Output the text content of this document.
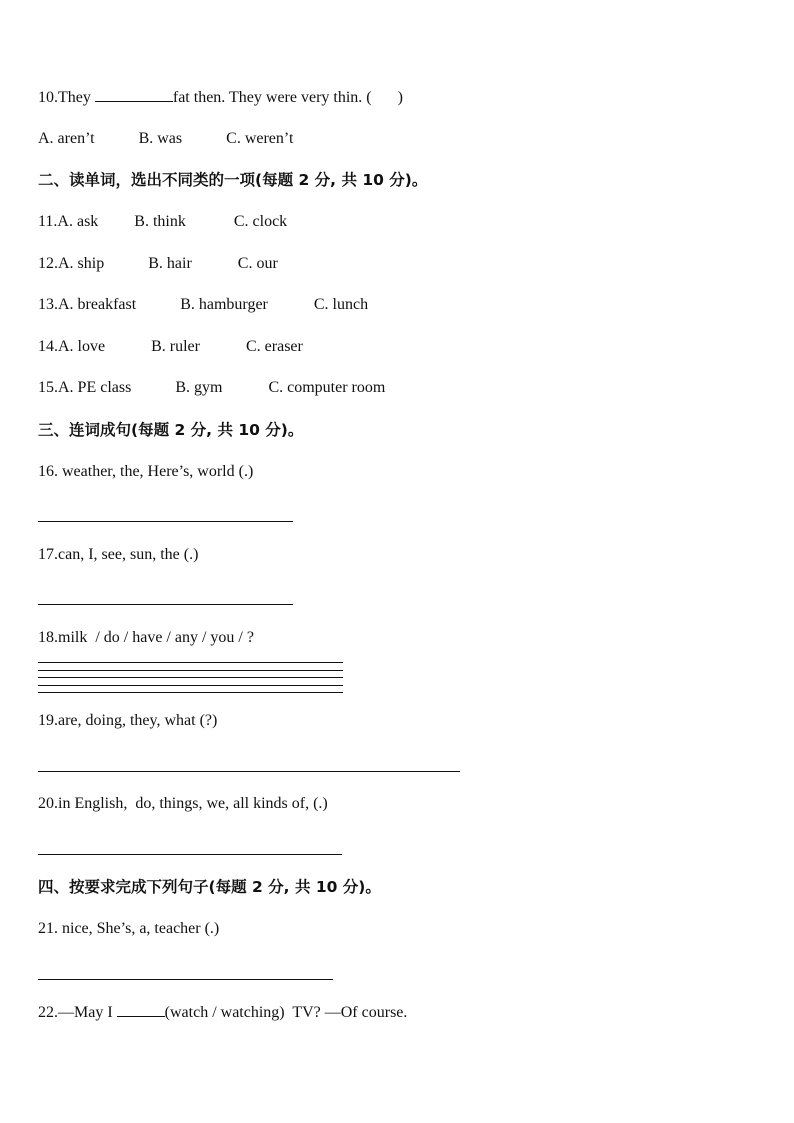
10.They	fat then. They were very thin. ( )
A. aren’t	B. was	C. weren’t
二、读单词，选出不同类的一项(每题 2 分, 共 10 分)。
11.A. ask B. think	C. clock
12.A. ship	B. hair	C. our
13.A. breakfast	B. hamburger	C. lunch
14.A. love	B. ruler	C. eraser
15.A. PE class	B. gym	C. computer room
三、连词成句(每题 2 分, 共 10 分)。
16. weather, the, Here’s, world (.)
17.can, I, see, sun, the (.)
18.milk  / do / have / any / you / ?
19.are, doing, they, what (?)
20.in English,  do, things, we, all kinds of, (.)
四、按要求完成下列句子(每题 2 分, 共 10 分)。
21. nice, She’s, a, teacher (.)
22.—May I	(watch / watching)  TV? —Of course.
